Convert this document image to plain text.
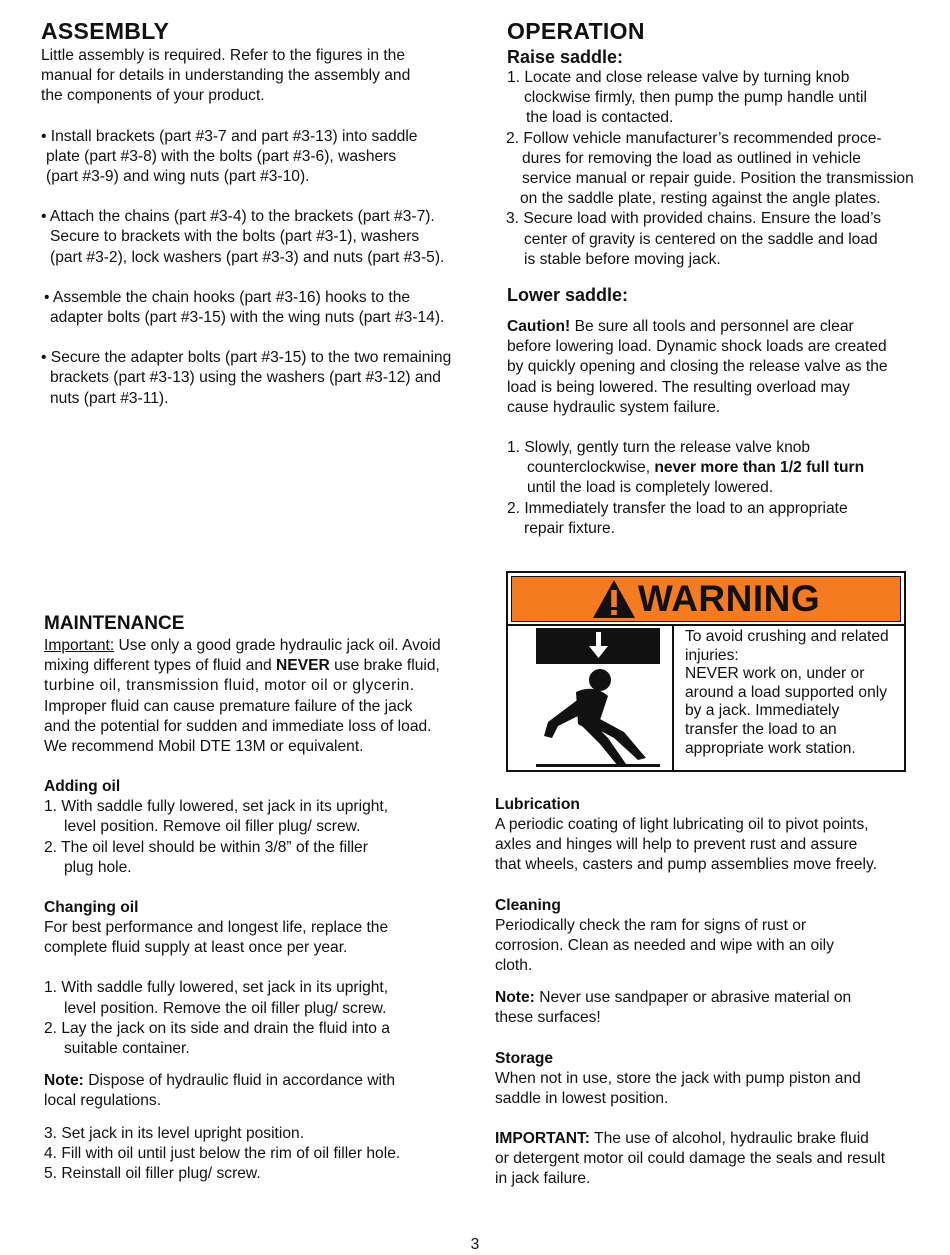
ASSEMBLY

Little assembly is required. Refer to the figures in the
manual for details in understanding the assembly and
the components of your product.

• Install brackets (part #3-7 and part #3-13) into saddle
plate (part #3-8) with the bolts (part #3-6), washers
(part #3-9) and wing nuts (part #3-10).

• Attach the chains (part #3-4) to the brackets (part #3-7).
Secure to brackets with the bolts (part #3-1), washers
(part #3-2), lock washers (part #3-3) and nuts (part #3-5).

• Assemble the chain hooks (part #3-16) hooks to the
adapter bolts (part #3-15) with the wing nuts (part #3-14).

• Secure the adapter bolts (part #3-15) to the two remaining
brackets (part #3-13) using the washers (part #3-12) and
nuts (part #3-11).

OPERATION
Raise saddle:

1. Locate and close release valve by turning knob
clockwise firmly, then pump the pump handle until
the load is contacted.

2. Follow vehicle manufacturer’s recommended proce-
dures for removing the load as outlined in vehicle
service manual or repair guide. Position the transmission
on the saddle plate, resting against the angle plates.

3. Secure load with provided chains. Ensure the load’s
center of gravity is centered on the saddle and load
is stable before moving jack.

Lower saddle:

Caution! Be sure all tools and personnel are clear
before lowering load. Dynamic shock loads are created
by quickly opening and closing the release valve as the
load is being lowered. The resulting overload may
cause hydraulic system failure.

1. Slowly, gently turn the release valve knob
counterclockwise, never more than 1/2 full turn
until the load is completely lowered.

2. Immediately transfer the load to an appropriate
repair fixture.

WARNING
To avoid crushing and related
injuries:
NEVER work on, under or
around a load supported only
by a jack. Immediately
transfer the load to an
appropriate work station.
MAINTENANCE

Important: Use only a good grade hydraulic jack oil. Avoid
mixing different types of fluid and NEVER use brake fluid,
turbine oil, transmission fluid, motor oil or glycerin.
Improper fluid can cause premature failure of the jack
and the potential for sudden and immediate loss of load.
We recommend Mobil DTE 13M or equivalent.

Adding oil

1. With saddle fully lowered, set jack in its upright,
level position. Remove oil filler plug/ screw.
2. The oil level should be within 3/8” of the filler
plug hole.

Changing oil

For best performance and longest life, replace the
complete fluid supply at least once per year.

1. With saddle fully lowered, set jack in its upright,
level position. Remove the oil filler plug/ screw.
2. Lay the jack on its side and drain the fluid into a
suitable container.

Note: Dispose of hydraulic fluid in accordance with
local regulations.

3. Set jack in its level upright position.
4. Fill with oil until just below the rim of oil filler hole.
5. Reinstall oil filler plug/ screw.

Lubrication

A periodic coating of light lubricating oil to pivot points,
axles and hinges will help to prevent rust and assure
that wheels, casters and pump assemblies move freely.

Cleaning

Periodically check the ram for signs of rust or
corrosion. Clean as needed and wipe with an oily
cloth.

Note: Never use sandpaper or abrasive material on
these surfaces!

Storage

When not in use, store the jack with pump piston and
saddle in lowest position.

IMPORTANT: The use of alcohol, hydraulic brake fluid
or detergent motor oil could damage the seals and result
in jack failure.

3
